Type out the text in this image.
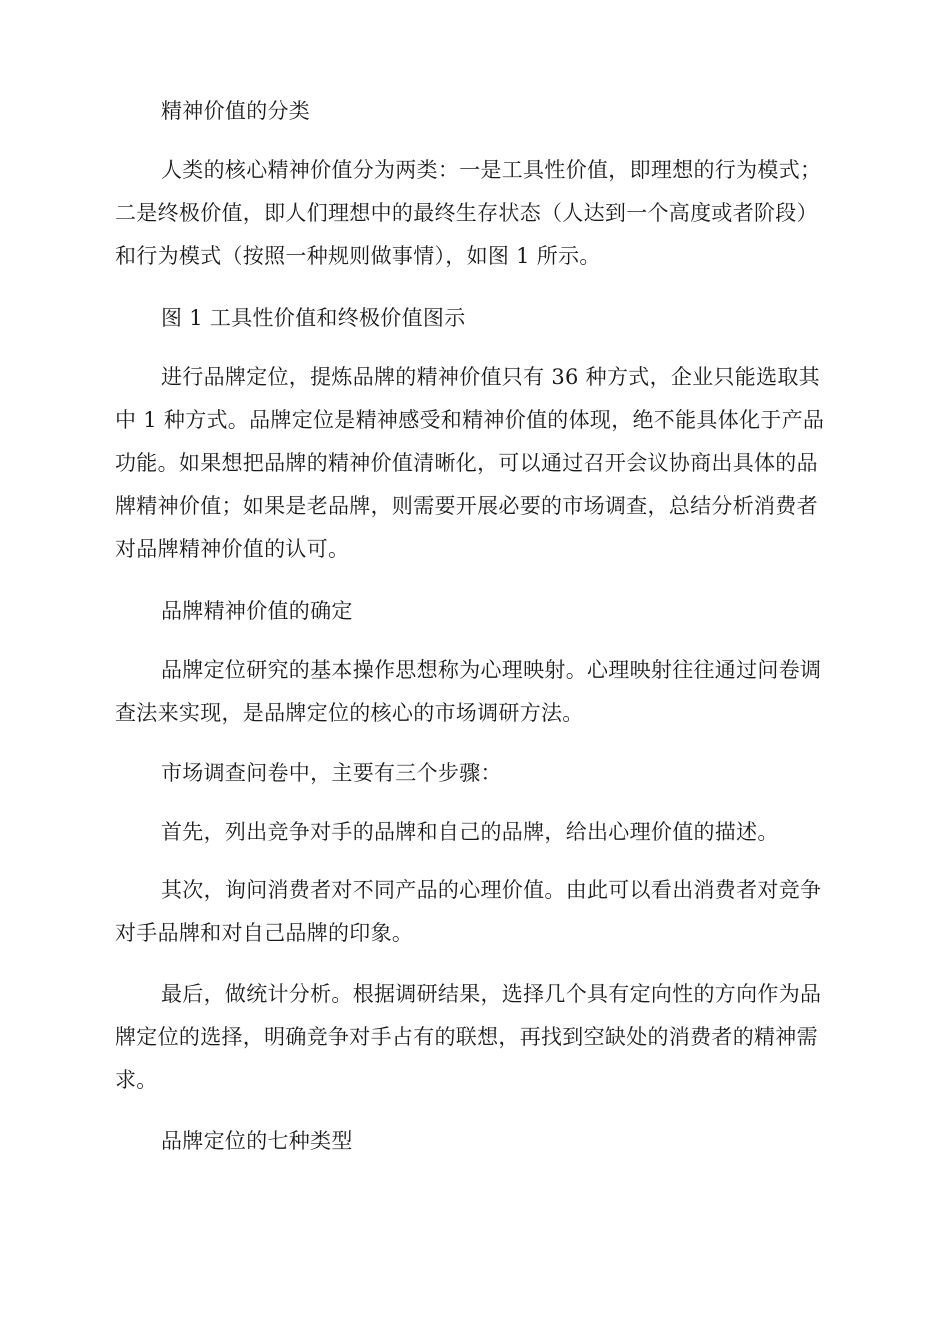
精神价值的分类

人类的核心精神价值分为两类：一是工具性价值，即理想的行为模式；二是终极价值，即人们理想中的最终生存状态（人达到一个高度或者阶段）和行为模式（按照一种规则做事情），如图 1 所示。

图 1 工具性价值和终极价值图示

进行品牌定位，提炼品牌的精神价值只有 36 种方式，企业只能选取其中 1 种方式。品牌定位是精神感受和精神价值的体现，绝不能具体化于产品功能。如果想把品牌的精神价值清晰化，可以通过召开会议协商出具体的品牌精神价值；如果是老品牌，则需要开展必要的市场调查，总结分析消费者对品牌精神价值的认可。

品牌精神价值的确定

品牌定位研究的基本操作思想称为心理映射。心理映射往往通过问卷调查法来实现，是品牌定位的核心的市场调研方法。

市场调查问卷中，主要有三个步骤：

首先，列出竞争对手的品牌和自己的品牌，给出心理价值的描述。

其次，询问消费者对不同产品的心理价值。由此可以看出消费者对竞争对手品牌和对自己品牌的印象。

最后，做统计分析。根据调研结果，选择几个具有定向性的方向作为品牌定位的选择，明确竞争对手占有的联想，再找到空缺处的消费者的精神需求。

品牌定位的七种类型
